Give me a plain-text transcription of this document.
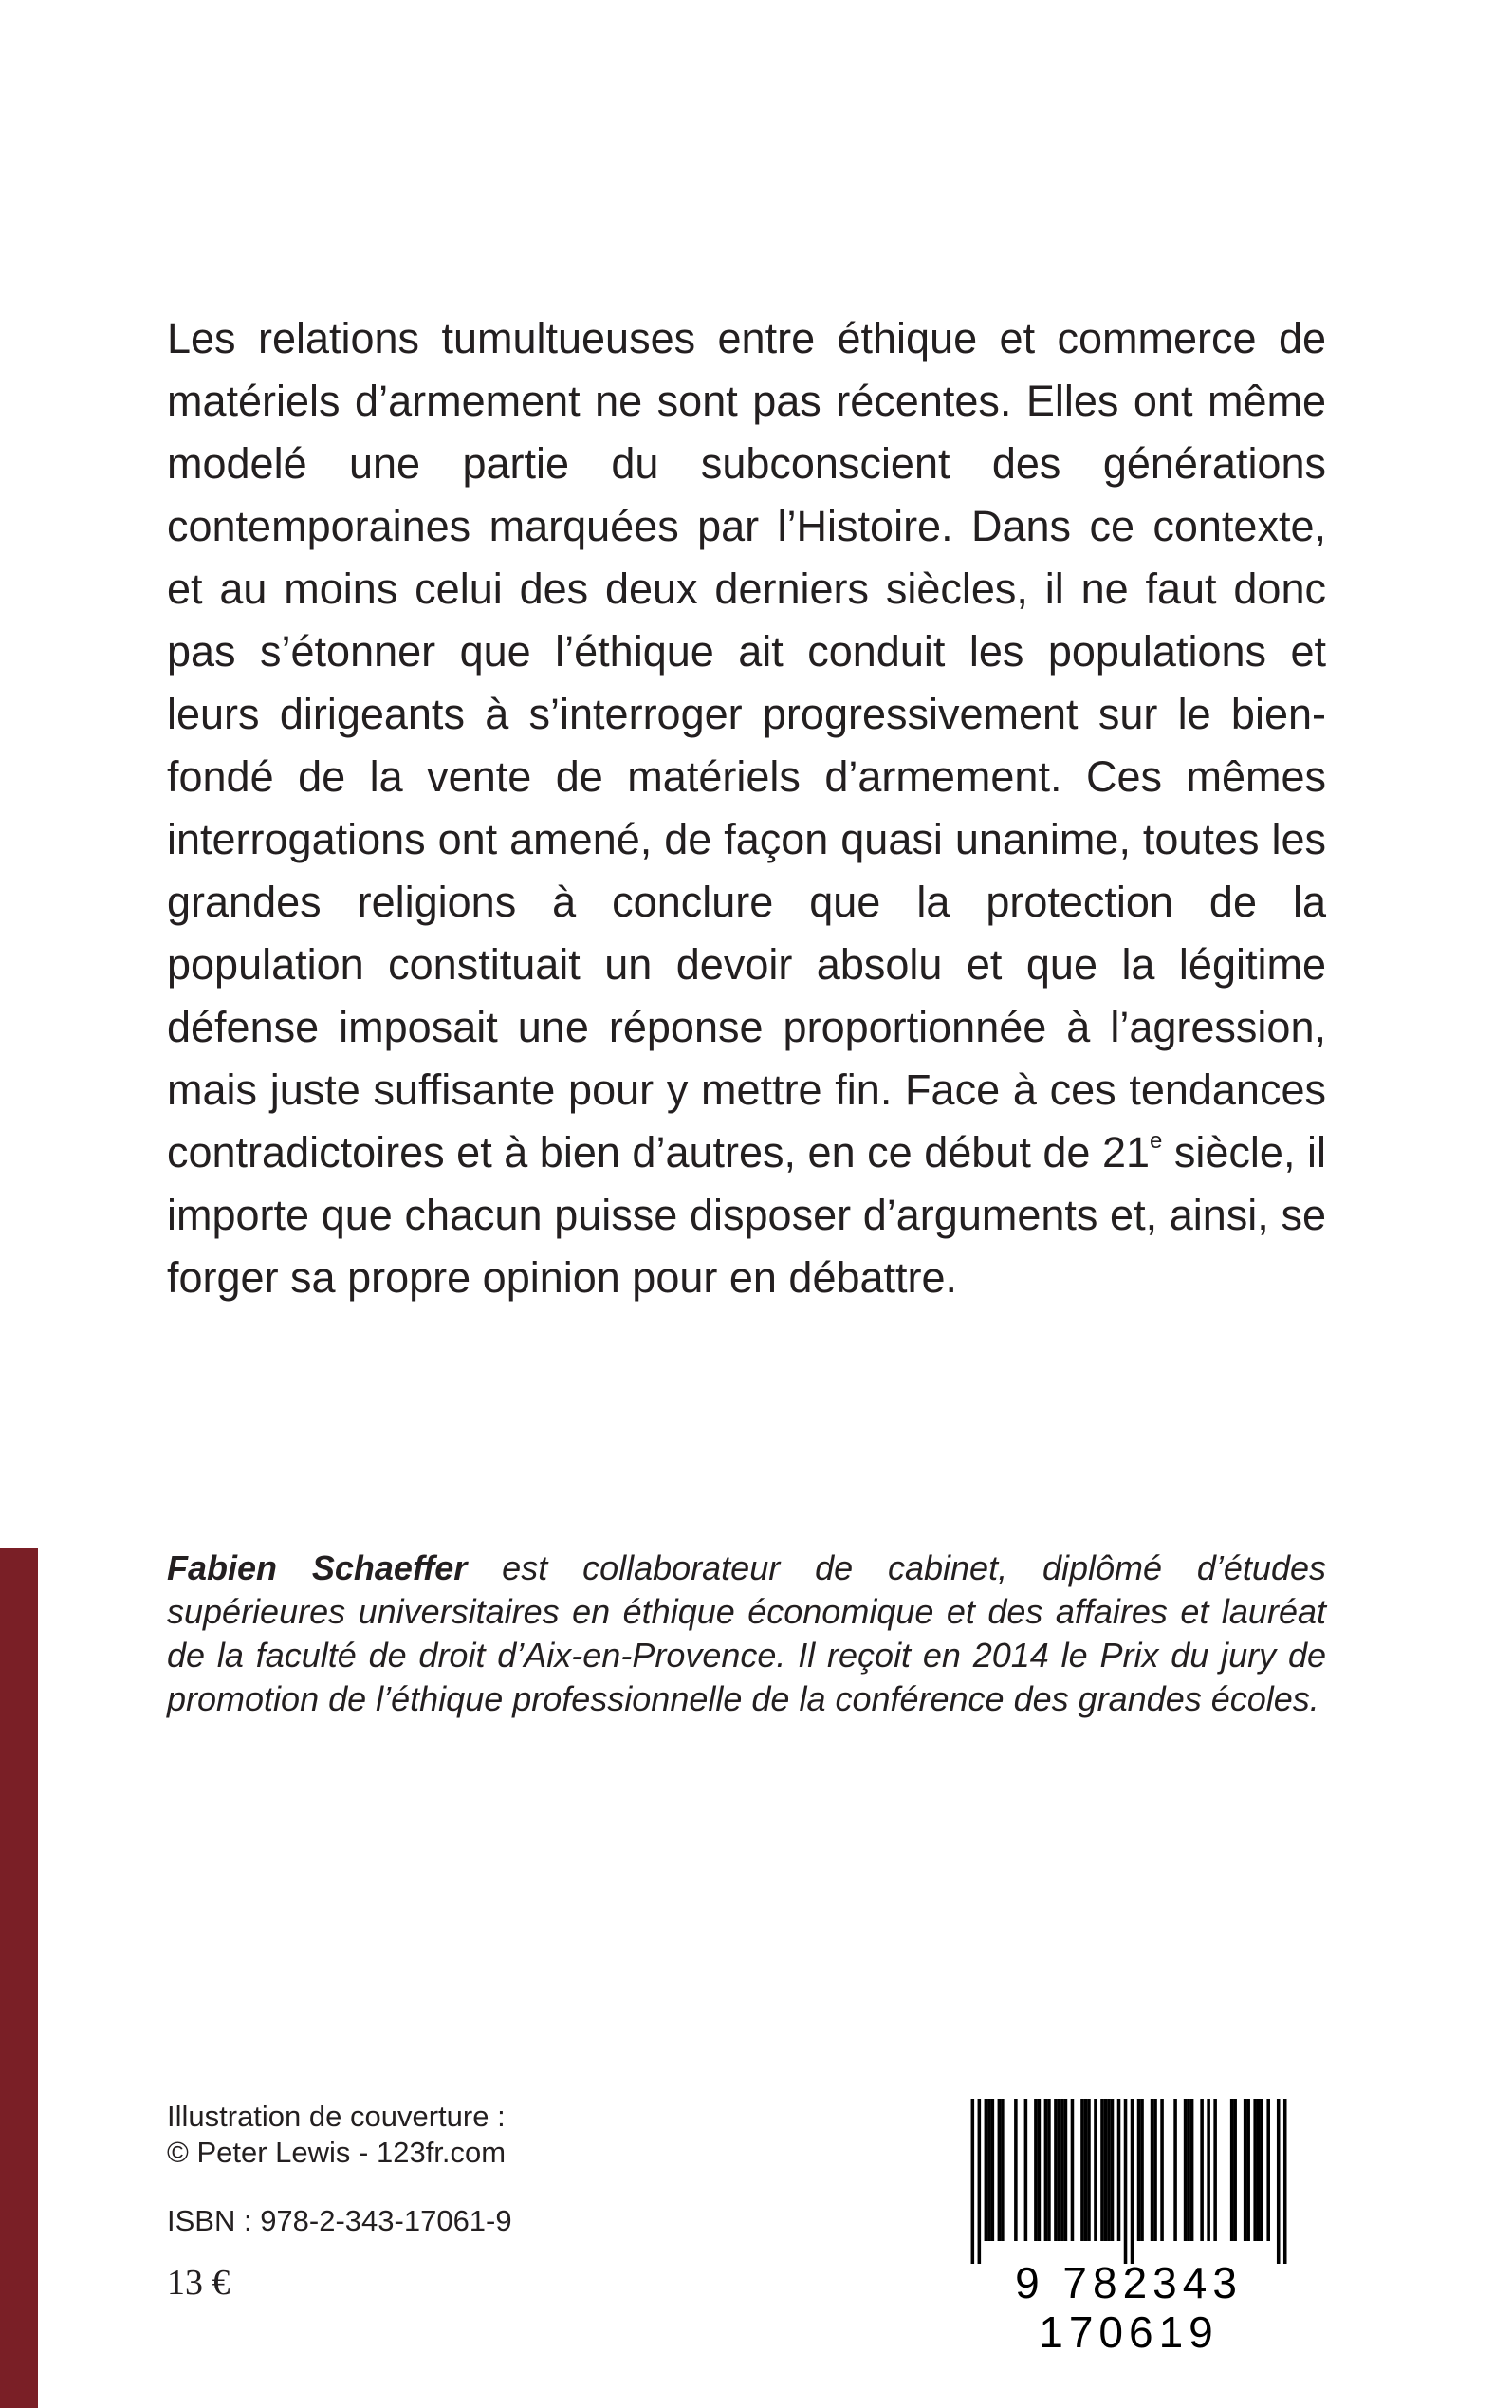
Les relations tumultueuses entre éthique et commerce de matériels d’armement ne sont pas récentes. Elles ont même modelé une partie du subconscient des générations contemporaines marquées par l’Histoire. Dans ce contexte, et au moins celui des deux derniers siècles, il ne faut donc pas s’étonner que l’éthique ait conduit les populations et leurs dirigeants à s’interroger progressivement sur le bien-fondé de la vente de matériels d’armement. Ces mêmes interrogations ont amené, de façon quasi unanime, toutes les grandes religions à conclure que la protection de la population constituait un devoir absolu et que la légitime défense imposait une réponse proportionnée à l’agression, mais juste suffisante pour y mettre fin. Face à ces tendances contradictoires et à bien d’autres, en ce début de 21e siècle, il importe que chacun puisse disposer d’arguments et, ainsi, se forger sa propre opinion pour en débattre.

Fabien Schaeffer est collaborateur de cabinet, diplômé d’études supérieures universitaires en éthique économique et des affaires et lauréat de la faculté de droit d’Aix-en-Provence. Il reçoit en 2014 le Prix du jury de promotion de l’éthique professionnelle de la conférence des grandes écoles.

Illustration de couverture :
© Peter Lewis - 123fr.com
ISBN : 978-2-343-17061-9
13 €	9 782343 170619
